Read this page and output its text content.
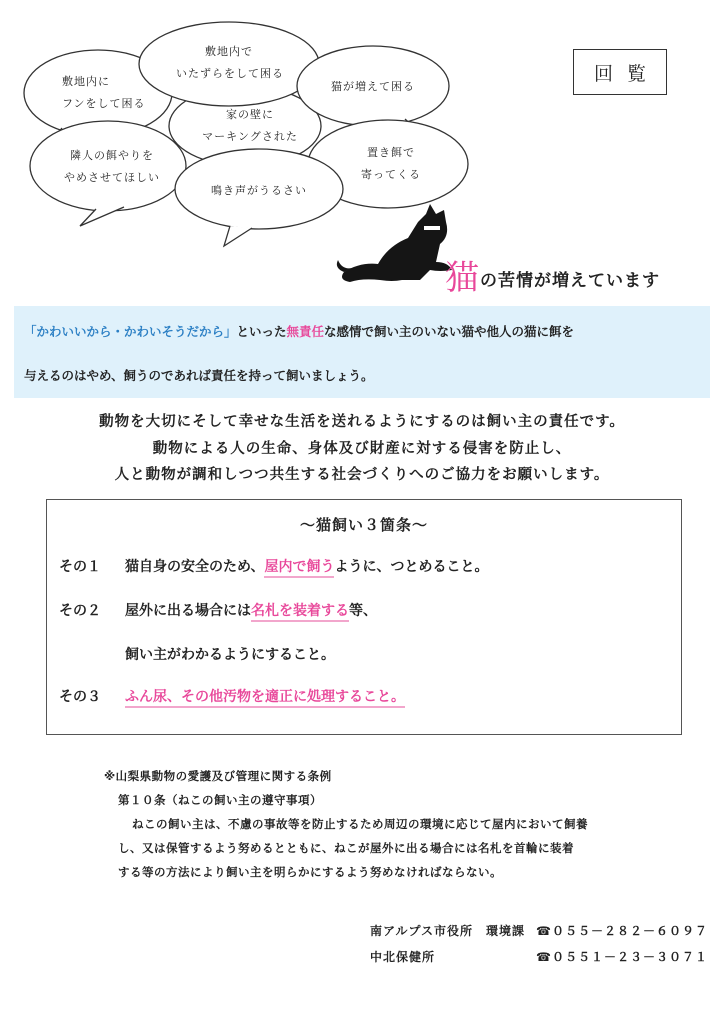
敷地内で
いたずらをして困る
敷地内に
フンをして困る
猫が増えて困る
家の壁に
マーキングされた
隣人の餌やりを
やめさせてほしい
置き餌で
寄ってくる
鳴き声がうるさい
回覧
猫の苦情が増えています
「かわいいから・かわいそうだから」といった無責任な感情で飼い主のいない猫や他人の猫に餌を
与えるのはやめ、飼うのであれば責任を持って飼いましょう。
動物を大切にそして幸せな生活を送れるようにするのは飼い主の責任です。
動物による人の生命、身体及び財産に対する侵害を防止し、
人と動物が調和しつつ共生する社会づくりへのご協力をお願いします。
～猫飼い３箇条～
その１ 猫自身の安全のため、屋内で飼うように、つとめること。
その２ 屋外に出る場合には名札を装着する等、
飼い主がわかるようにすること。
その３ ふん尿、その他汚物を適正に処理すること。
※山梨県動物の愛護及び管理に関する条例
第１０条（ねこの飼い主の遵守事項）
ねこの飼い主は、不慮の事故等を防止するため周辺の環境に応じて屋内において飼養
し、又は保管するよう努めるとともに、ねこが屋外に出る場合には名札を首輪に装着
する等の方法により飼い主を明らかにするよう努めなければならない。
南アルプス市役所　環境課 ☎０５５－２８２－６０９７
中北保健所	☎０５５１－２３－３０７１
